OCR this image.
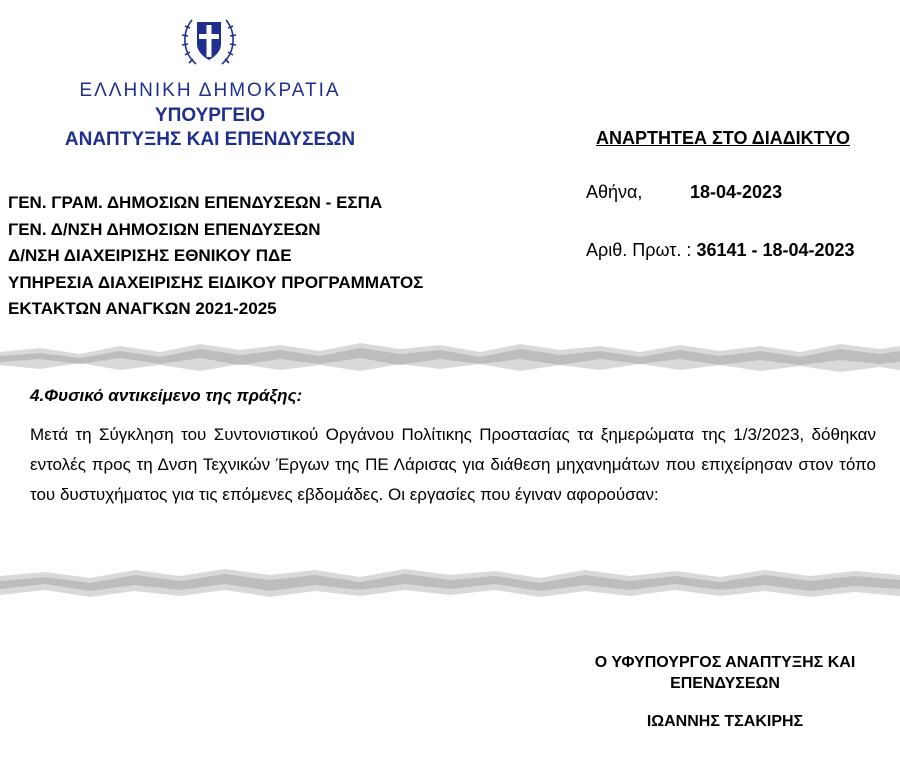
ΕΛΛΗΝΙΚΗ ΔΗΜΟΚΡΑΤΙΑ
ΥΠΟΥΡΓΕΙΟ
ΑΝΑΠΤΥΞΗΣ ΚΑΙ ΕΠΕΝΔΥΣΕΩΝ	ΑΝΑΡΤΗΤΕΑ ΣΤΟ ΔΙΑΔΙΚΤΥΟ
ΓΕΝ. ΓΡΑΜ. ΔΗΜΟΣΙΩΝ ΕΠΕΝΔΥΣΕΩΝ - ΕΣΠΑ
ΓΕΝ. Δ/ΝΣΗ ΔΗΜΟΣΙΩΝ ΕΠΕΝΔΥΣΕΩΝ
Δ/ΝΣΗ ΔΙΑΧΕΙΡΙΣΗΣ ΕΘΝΙΚΟΥ ΠΔΕ
ΥΠΗΡΕΣΙΑ ΔΙΑΧΕΙΡΙΣΗΣ ΕΙΔΙΚΟΥ ΠΡΟΓΡΑΜΜΑΤΟΣ
ΕΚΤΑΚΤΩΝ ΑΝΑΓΚΩΝ 2021-2025
Αθήνα,	18-04-2023
Αριθ. Πρωτ. : 36141 - 18-04-2023
4.Φυσικό αντικείμενο της πράξης:
Μετά τη Σύγκληση του Συντονιστικού Οργάνου Πολίτικης Προστασίας τα ξημερώματα της 1/3/2023, δόθηκαν εντολές προς τη Δνση Τεχνικών Έργων της ΠΕ Λάρισας για διάθεση μηχανημάτων που επιχείρησαν στον τόπο του δυστυχήματος για τις επόμενες εβδομάδες. Οι εργασίες που έγιναν αφορούσαν:
Ο ΥΦΥΠΟΥΡΓΟΣ ΑΝΑΠΤΥΞΗΣ ΚΑΙ
ΕΠΕΝΔΥΣΕΩΝ
ΙΩΑΝΝΗΣ ΤΣΑΚΙΡΗΣ
